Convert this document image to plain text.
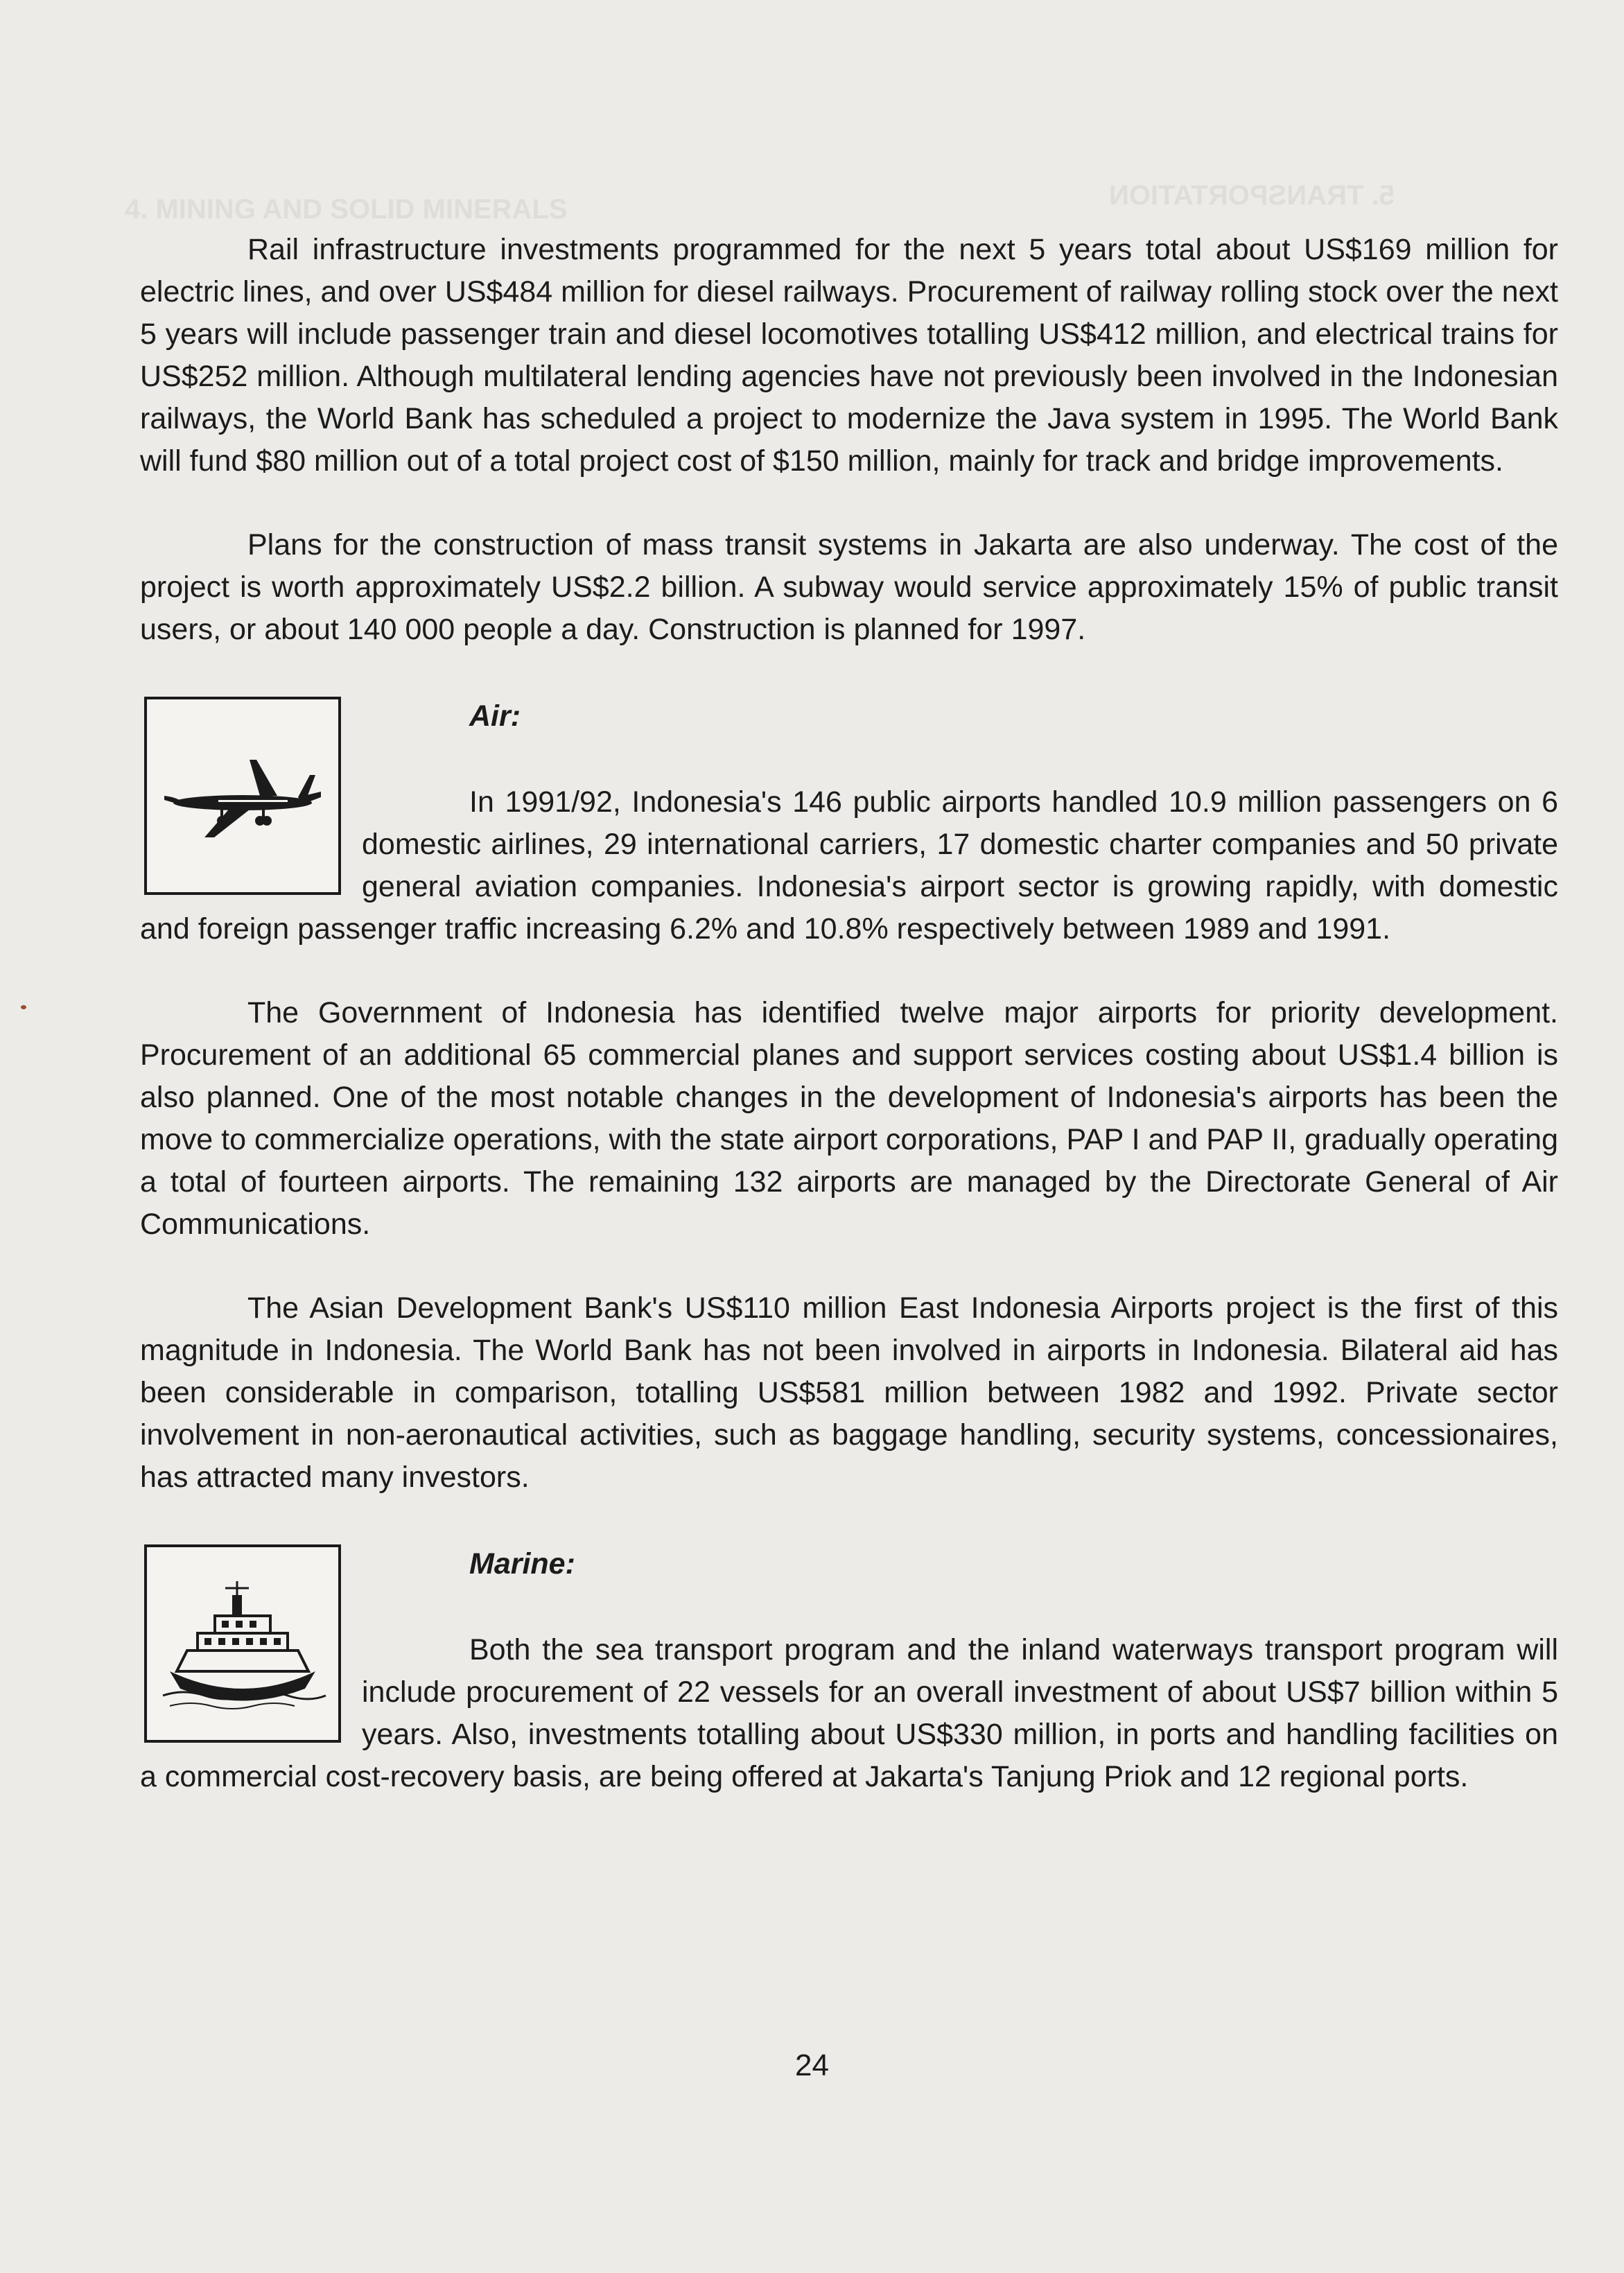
5. TRANSPORTATION
4. MINING AND SOLID MINERALS

Rail infrastructure investments programmed for the next 5 years total about US$169 million for electric lines, and over US$484 million for diesel railways. Procurement of railway rolling stock over the next 5 years will include passenger train and diesel locomotives totalling US$412 million, and electrical trains for US$252 million. Although multilateral lending agencies have not previously been involved in the Indonesian railways, the World Bank has scheduled a project to modernize the Java system in 1995. The World Bank will fund $80 million out of a total project cost of $150 million, mainly for track and bridge improvements.

Plans for the construction of mass transit systems in Jakarta are also underway. The cost of the project is worth approximately US$2.2 billion. A subway would service approximately 15% of public transit users, or about 140 000 people a day. Construction is planned for 1997.

Air:

In 1991/92, Indonesia's 146 public airports handled 10.9 million passengers on 6 domestic airlines, 29 international carriers, 17 domestic charter companies and 50 private general aviation companies. Indonesia's airport sector is growing rapidly, with domestic and foreign passenger traffic increasing 6.2% and 10.8% respectively between 1989 and 1991.

The Government of Indonesia has identified twelve major airports for priority development. Procurement of an additional 65 commercial planes and support services costing about US$1.4 billion is also planned. One of the most notable changes in the development of Indonesia's airports has been the move to commercialize operations, with the state airport corporations, PAP I and PAP II, gradually operating a total of fourteen airports. The remaining 132 airports are managed by the Directorate General of Air Communications.

The Asian Development Bank's US$110 million East Indonesia Airports project is the first of this magnitude in Indonesia. The World Bank has not been involved in airports in Indonesia. Bilateral aid has been considerable in comparison, totalling US$581 million between 1982 and 1992. Private sector involvement in non-aeronautical activities, such as baggage handling, security systems, concessionaires, has attracted many investors.

Marine:

Both the sea transport program and the inland waterways transport program will include procurement of 22 vessels for an overall investment of about US$7 billion within 5 years. Also, investments totalling about US$330 million, in ports and handling facilities on a commercial cost-recovery basis, are being offered at Jakarta's Tanjung Priok and 12 regional ports.

24
